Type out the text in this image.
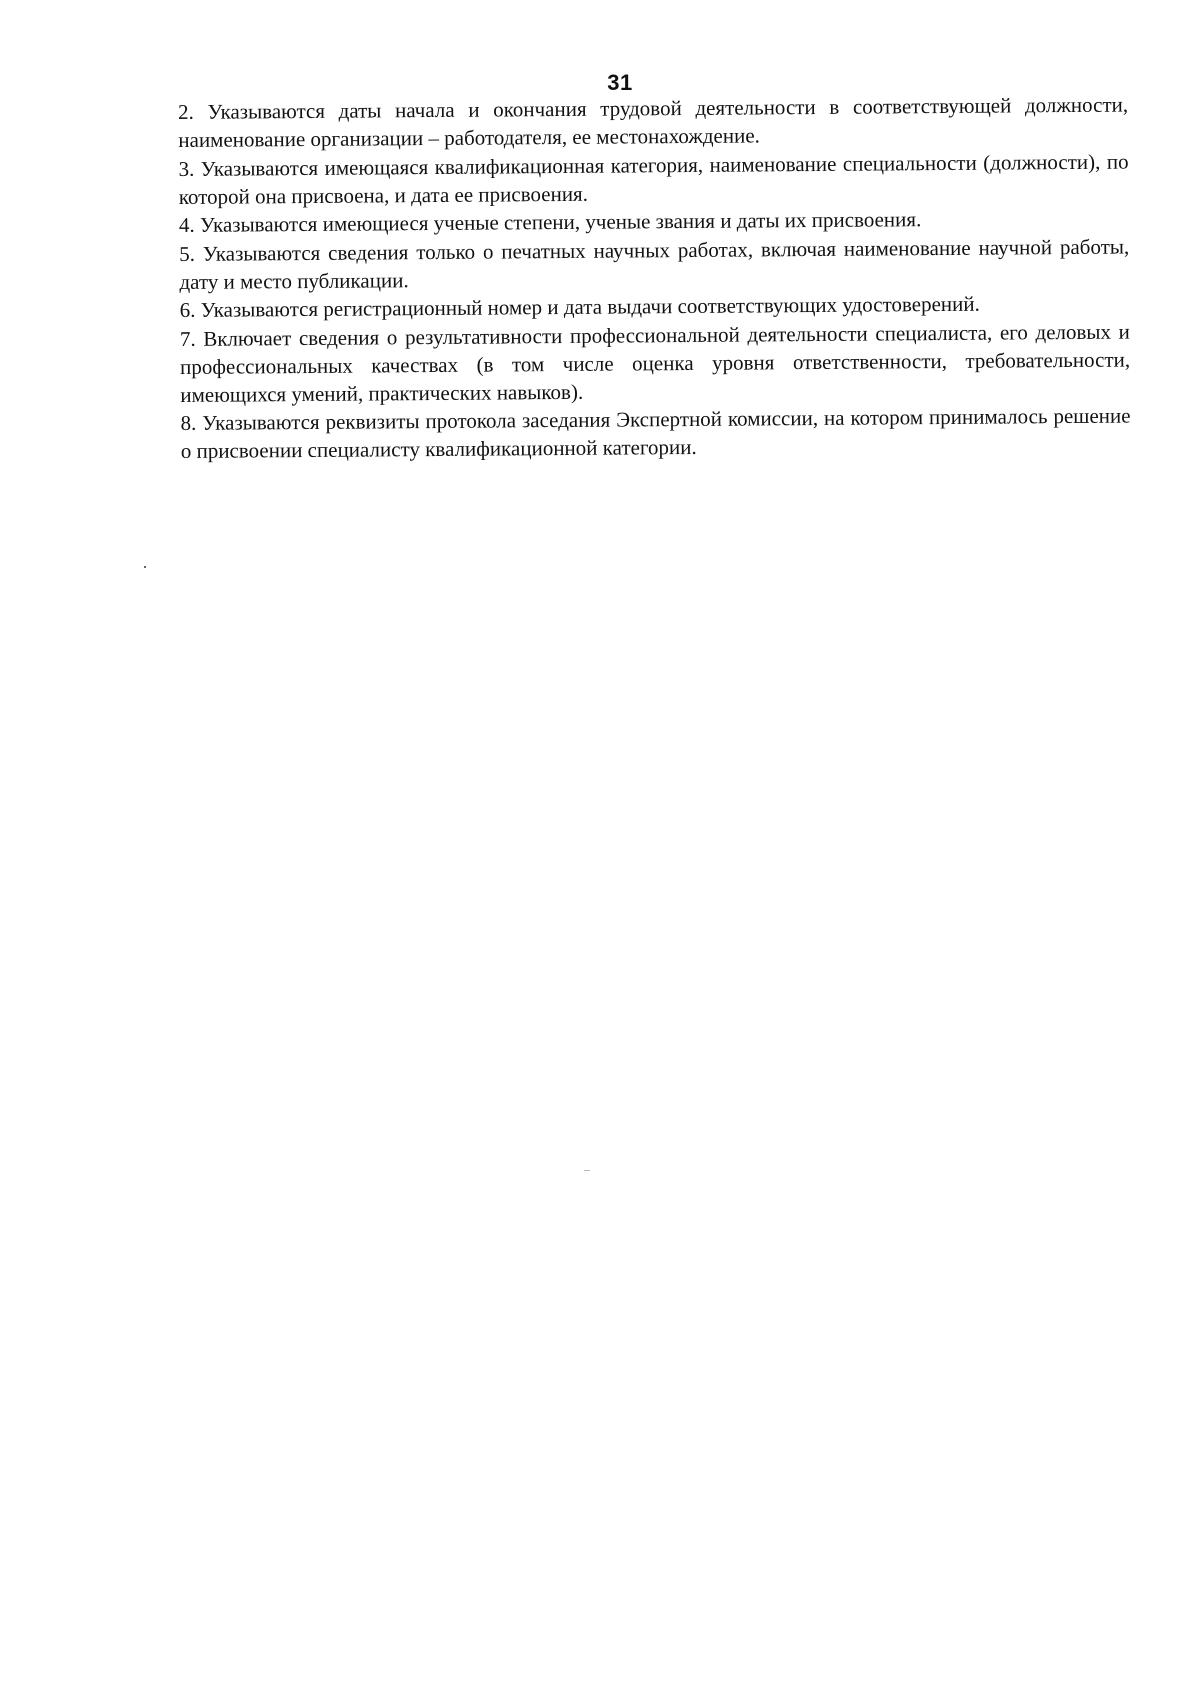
31

2. Указываются даты начала и окончания трудовой деятельности в соответствующей должности, наименование организации – работодателя, ее местонахождение.

3. Указываются имеющаяся квалификационная категория, наименование специальности (должности), по которой она присвоена, и дата ее присвоения.

4. Указываются имеющиеся ученые степени, ученые звания и даты их присвоения.

5. Указываются сведения только о печатных научных работах, включая наименование научной работы, дату и место публикации.

6. Указываются регистрационный номер и дата выдачи соответствующих удостоверений.

7. Включает сведения о результативности профессиональной деятельности специалиста, его деловых и профессиональных качествах (в том числе оценка уровня ответственности, требовательности, имеющихся умений, практических навыков).

8. Указываются реквизиты протокола заседания Экспертной комиссии, на котором принималось решение о присвоении специалисту квалификационной категории.
